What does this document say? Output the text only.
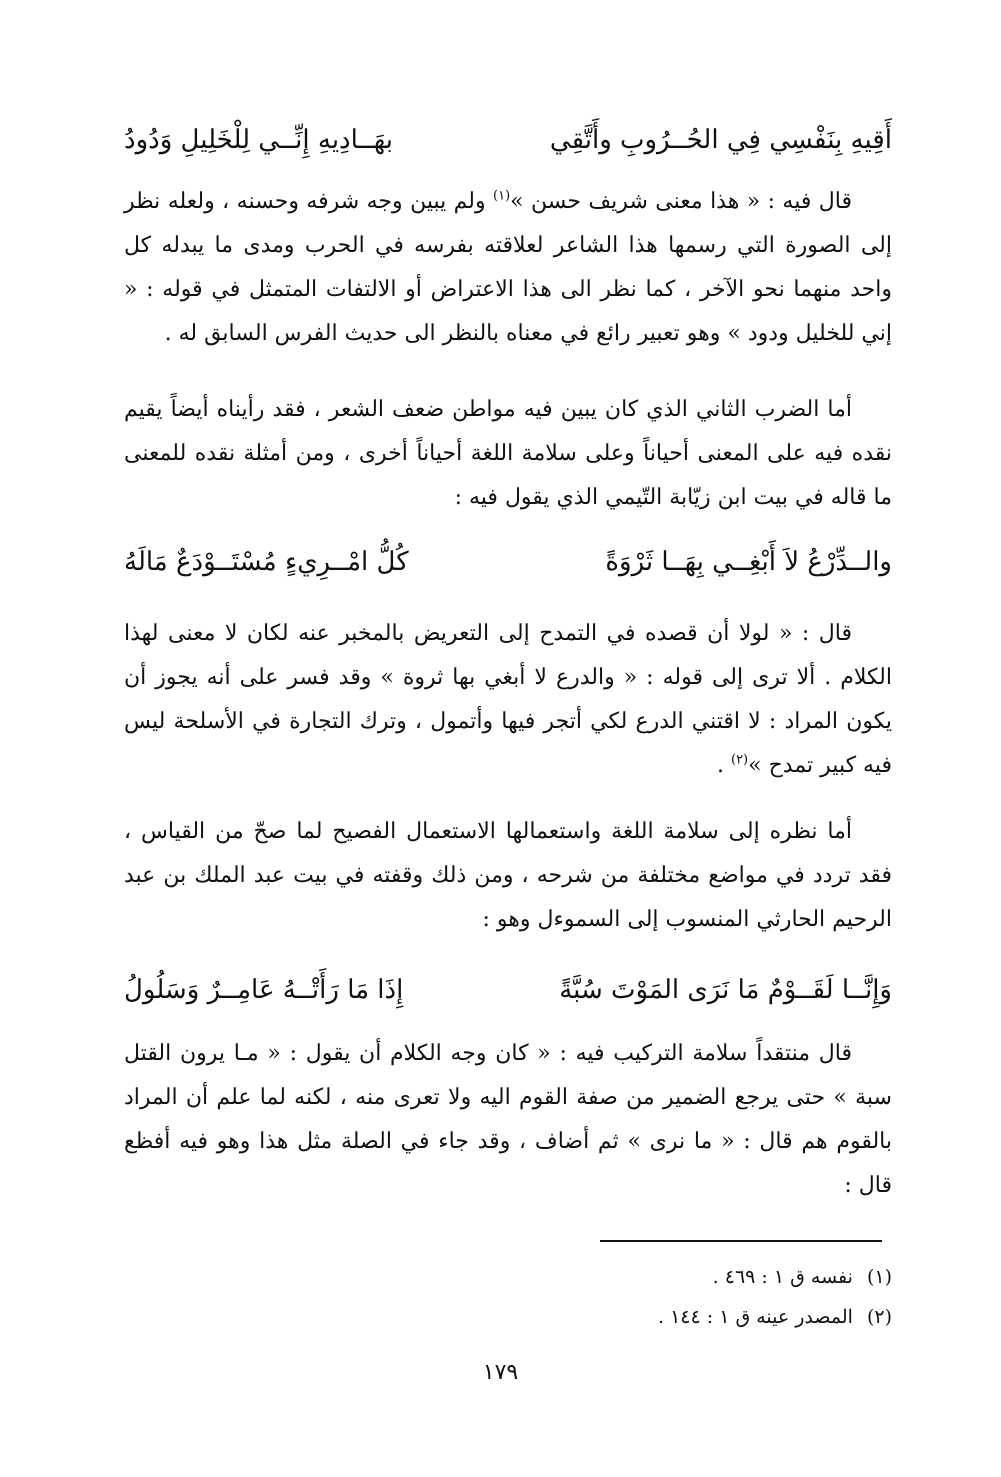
أَقِيهِ بِنَفْسِي فِي الحُــرُوبِ وأَتَّقِي
بهَــادِيهِ إِنِّــي لِلْخَلِيلِ وَدُودُ
قال فيه : « هذا معنى شريف حسن »$^{(١)}$ ولم يبين وجه شرفه وحسنه ، ولعله نظر إلى الصورة التي رسمها هذا الشاعر لعلاقته بفرسه في الحرب ومدى ما يبدله كل واحد منهما نحو الآخر ، كما نظر الى هذا الاعتراض أو الالتفات المتمثل في قوله : « إني للخليل ودود » وهو تعبير رائع في معناه بالنظر الى حديث الفرس السابق له .
أما الضرب الثاني الذي كان يبين فيه مواطن ضعف الشعر ، فقد رأيناه أيضاً يقيم نقده فيه على المعنى أحياناً وعلى سلامة اللغة أحياناً أخرى ، ومن أمثلة نقده للمعنى ما قاله في بيت ابن زيّابة التّيمي الذي يقول فيه :
والــدِّرْعُ لاَ أَبْغِــي بِهَــا ثَرْوَةً
كُلُّ امْــرِيءٍ مُسْتَــوْدَعٌ مَالَهُ
قال : « لولا أن قصده في التمدح إلى التعريض بالمخبر عنه لكان لا معنى لهذا الكلام . ألا ترى إلى قوله : « والدرع لا أبغي بها ثروة » وقد فسر على أنه يجوز أن يكون المراد : لا اقتني الدرع لكي أتجر فيها وأتمول ، وترك التجارة في الأسلحة ليس فيه كبير تمدح »$^{(٢)}$ .
أما نظره إلى سلامة اللغة واستعمالها الاستعمال الفصيح لما صحّ من القياس ، فقد تردد في مواضع مختلفة من شرحه ، ومن ذلك وقفته في بيت عبد الملك بن عبد الرحيم الحارثي المنسوب إلى السموءل وهو :
وَإِنَّــا لَقَــوْمٌ مَا نَرَى المَوْتَ سُبَّةً
إِذَا مَا رَأَتْــهُ عَامِــرٌ وَسَلُولُ
قال منتقداً سلامة التركيب فيه : « كان وجه الكلام أن يقول : « مـا يرون القتل سبة » حتى يرجع الضمير من صفة القوم اليه ولا تعرى منه ، لكنه لما علم أن المراد بالقوم هم قال : « ما نرى » ثم أضاف ، وقد جاء في الصلة مثل هذا وهو فيه أفظع قال :
(١)نفسه ق ١ : ٤٦٩ .
(٢)المصدر عينه ق ١ : ١٤٤ .
١٧٩
